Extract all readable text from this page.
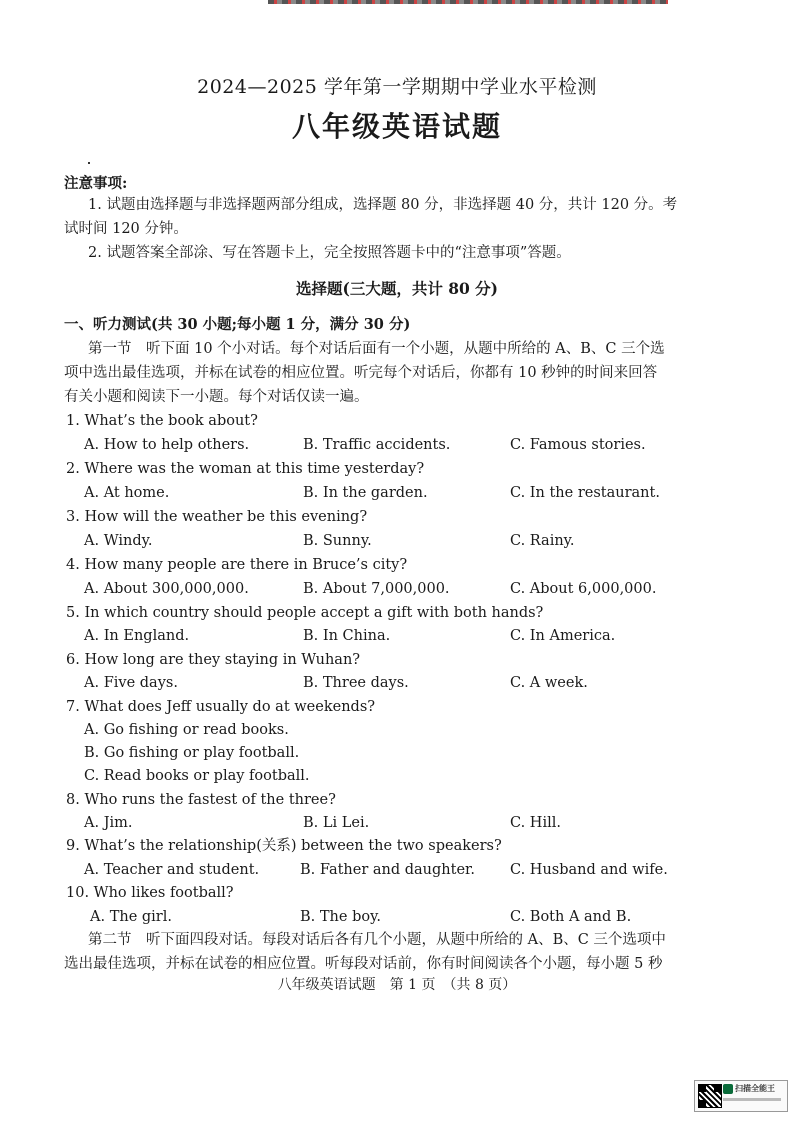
2024—2025 学年第一学期期中学业水平检测
八年级英语试题
注意事项:
1. 试题由选择题与非选择题两部分组成，选择题 80 分，非选择题 40 分，共计 120 分。考
试时间 120 分钟。
2. 试题答案全部涂、写在答题卡上，完全按照答题卡中的“注意事项”答题。
选择题(三大题，共计 80 分)
一、听力测试(共 30 小题;每小题 1 分，满分 30 分)
第一节　听下面 10 个小对话。每个对话后面有一个小题，从题中所给的 A、B、C 三个选
项中选出最佳选项，并标在试卷的相应位置。听完每个对话后，你都有 10 秒钟的时间来回答
有关小题和阅读下一小题。每个对话仅读一遍。
1. What’s the book about?
A. How to help others.	B. Traffic accidents.	C. Famous stories.
2. Where was the woman at this time yesterday?
A. At home.	B. In the garden.	C. In the restaurant.
3. How will the weather be this evening?
A. Windy.	B. Sunny.	C. Rainy.
4. How many people are there in Bruce’s city?
A. About 300,000,000.	B. About 7,000,000.	C. About 6,000,000.
5. In which country should people accept a gift with both hands?
A. In England.	B. In China.	C. In America.
6. How long are they staying in Wuhan?
A. Five days.	B. Three days.	C. A week.
7. What does Jeff usually do at weekends?
A. Go fishing or read books.
B. Go fishing or play football.
C. Read books or play football.
8. Who runs the fastest of the three?
A. Jim.	B. Li Lei.	C. Hill.
9. What’s the relationship(关系) between the two speakers?
A. Teacher and student.	B. Father and daughter. C. Husband and wife.
10. Who likes football?
A. The girl.	B. The boy.	C. Both A and B.
第二节　听下面四段对话。每段对话后各有几个小题，从题中所给的 A、B、C 三个选项中
选出最佳选项，并标在试卷的相应位置。听每段对话前，你有时间阅读各个小题，每小题 5 秒
八年级英语试题　第 1 页　（共 8 页）
扫描全能王
